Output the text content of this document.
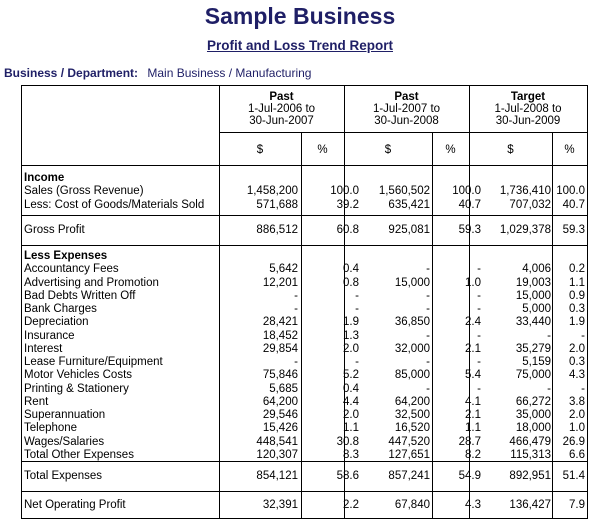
Sample Business
Profit and Loss Trend Report
Business / Department: Main Business / Manufacturing
Past
1-Jul-2006 to
30-Jun-2007
Past
1-Jul-2007 to
30-Jun-2008
Target
1-Jul-2008 to
30-Jun-2009
$	%	$	%	$	%
Income
Sales (Gross Revenue)	1,458,200	100.0 1,560,502 100.0 1,736,410 100.0
Less: Cost of Goods/Materials Sold	571,688	39.2	635,421 40.7 707,032 40.7
Gross Profit	886,512	60.8	925,081 59.3 1,029,378 59.3
Less Expenses
Accountancy Fees	5,642	0.4	-	-	4,006 0.2
Advertising and Promotion	12,201	0.8	15,000	1.0	19,003 1.1
Bad Debts Written Off	-	-	-	-	15,000 0.9
Bank Charges	-	-	-	-	5,000 0.3
Depreciation	28,421	1.9	36,850	2.4	33,440 1.9
Insurance	18,452	1.3	-	-	-	-
Interest	29,854	2.0	32,000	2.1	35,279 2.0
Lease Furniture/Equipment	-	-	-	-	5,159 0.3
Motor Vehicles Costs	75,846	5.2	85,000	5.4	75,000 4.3
Printing & Stationery	5,685	0.4	-	-	-	-
Rent	64,200	4.4	64,200	4.1	66,272 3.8
Superannuation	29,546	2.0	32,500	2.1	35,000 2.0
Telephone	15,426	1.1	16,520	1.1	18,000 1.0
Wages/Salaries	448,541	30.8	447,520 28.7 466,479 26.9
Total Other Expenses	120,307	8.3	127,651	8.2	115,313 6.6
Total Expenses	854,121	58.6	857,241 54.9 892,951 51.4
Net Operating Profit	32,391	2.2	67,840	4.3 136,427 7.9
